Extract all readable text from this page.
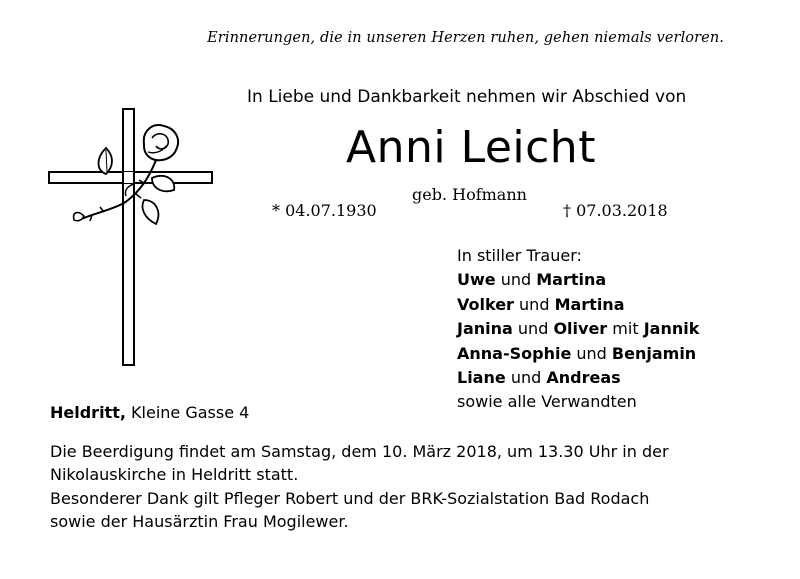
Erinnerungen, die in unseren Herzen ruhen, gehen niemals verloren.
In Liebe und Dankbarkeit nehmen wir Abschied von
Anni Leicht
geb. Hofmann
* 04.07.1930	† 07.03.2018
In stiller Trauer:
Uwe und Martina
Volker und Martina
Janina und Oliver mit Jannik
Anna-Sophie und Benjamin
Liane und Andreas
sowie alle Verwandten
Heldritt, Kleine Gasse 4
Die Beerdigung findet am Samstag, dem 10. März 2018, um 13.30 Uhr in der
Nikolauskirche in Heldritt statt.
Besonderer Dank gilt Pfleger Robert und der BRK-Sozialstation Bad Rodach
sowie der Hausärztin Frau Mogilewer.
